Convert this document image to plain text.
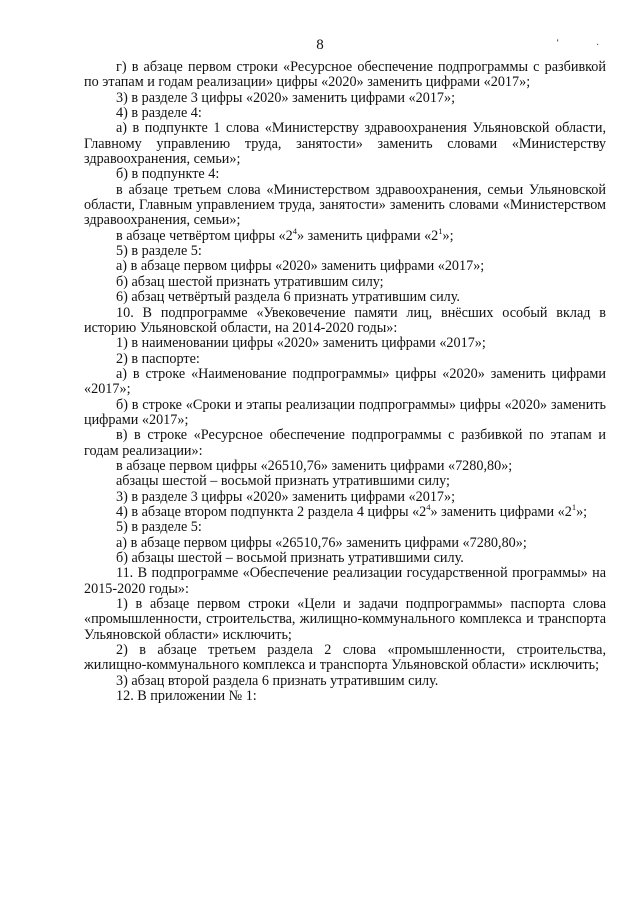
8	‘	·

г) в абзаце первом строки «Ресурсное обеспечение подпрограммы с разбивкой по этапам и годам реализации» цифры «2020» заменить цифрами «2017»;

3) в разделе 3 цифры «2020» заменить цифрами «2017»;

4) в разделе 4:

а) в подпункте 1 слова «Министерству здравоохранения Ульяновской области, Главному управлению труда, занятости» заменить словами «Министерству здравоохранения, семьи»;

б) в подпункте 4:

в абзаце третьем слова «Министерством здравоохранения, семьи Ульяновской области, Главным управлением труда, занятости» заменить словами «Министерством здравоохранения, семьи»;

в абзаце четвёртом цифры «$2^4$» заменить цифрами «$2^1$»;

5) в разделе 5:

а) в абзаце первом цифры «2020» заменить цифрами «2017»;

б) абзац шестой признать утратившим силу;

6) абзац четвёртый раздела 6 признать утратившим силу.

10. В подпрограмме «Увековечение памяти лиц, внёсших особый вклад в историю Ульяновской области, на 2014-2020 годы»:

1) в наименовании цифры «2020» заменить цифрами «2017»;

2) в паспорте:

а) в строке «Наименование подпрограммы» цифры «2020» заменить цифрами «2017»;

б) в строке «Сроки и этапы реализации подпрограммы» цифры «2020» заменить цифрами «2017»;

в) в строке «Ресурсное обеспечение подпрограммы с разбивкой по этапам и годам реализации»:

в абзаце первом цифры «26510,76» заменить цифрами «7280,80»;

абзацы шестой – восьмой признать утратившими силу;

3) в разделе 3 цифры «2020» заменить цифрами «2017»;

4) в абзаце втором подпункта 2 раздела 4 цифры «$2^4$» заменить цифрами «$2^1$»;

5) в разделе 5:

а) в абзаце первом цифры «26510,76» заменить цифрами «7280,80»;

б) абзацы шестой – восьмой признать утратившими силу.

11. В подпрограмме «Обеспечение реализации государственной программы» на 2015-2020 годы»:

1) в абзаце первом строки «Цели и задачи подпрограммы» паспорта слова «промышленности, строительства, жилищно-коммунального комплекса и транспорта Ульяновской области» исключить;

2) в абзаце третьем раздела 2 слова «промышленности, строительства, жилищно-коммунального комплекса и транспорта Ульяновской области» исключить;

3) абзац второй раздела 6 признать утратившим силу.

12. В приложении № 1:
